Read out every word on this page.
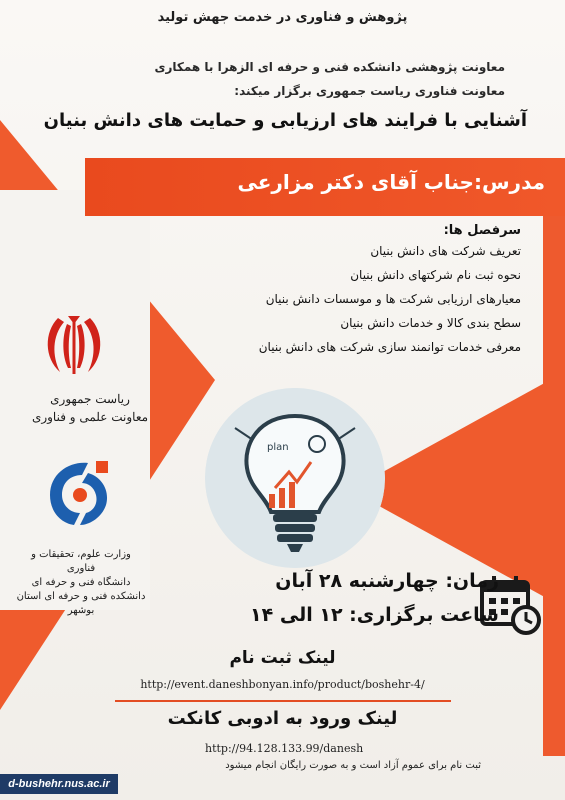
پژوهش و فناوری در خدمت جهش تولید
معاونت پژوهشی دانشکده فنی و حرفه ای الزهرا با همکاری
معاونت فناوری ریاست جمهوری برگزار میکند:
آشنایی با فرایند های ارزیابی و حمایت های دانش بنیان
مدرس:جناب آقای دکتر مزارعی
سرفصل ها:
تعریف شرکت های دانش بنیان
نحوه ثبت نام شرکتهای دانش بنیان
معیارهای ارزیابی شرکت ها و موسسات دانش بنیان
سطح بندی کالا و خدمات دانش بنیان
معرفی خدمات توانمند سازی شرکت های دانش بنیان
plan
ریاست جمهوری
معاونت علمی و فناوری
وزارت علوم، تحقیقات و فناوری
دانشگاه فنی و حرفه ای
دانشکده فنی و حرفه ای استان بوشهر
زمان: چهارشنبه ۲۸ آبان
ساعت برگزاری: ۱۲ الی ۱۴
لینک ثبت نام
http://event.daneshbonyan.info/product/boshehr-4/
لینک ورود به ادوبی کانکت
http://94.128.133.99/danesh
ثبت نام برای عموم آزاد است و به صورت رایگان انجام میشود
d-bushehr.nus.ac.ir
